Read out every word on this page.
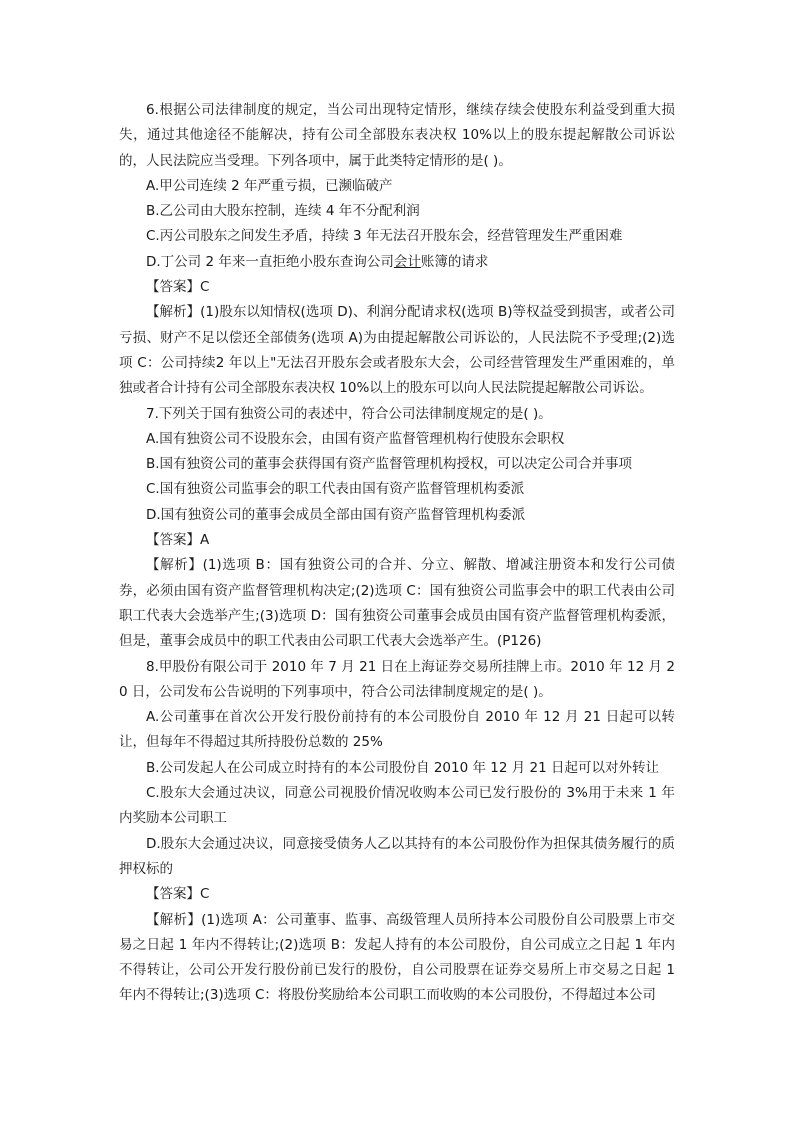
6.根据公司法律制度的规定，当公司出现特定情形，继续存续会使股东利益受到重大损失，通过其他途径不能解决，持有公司全部股东表决权 10%以上的股东提起解散公司诉讼的，人民法院应当受理。下列各项中，属于此类特定情形的是( )。

A.甲公司连续 2 年严重亏损，已濒临破产

B.乙公司由大股东控制，连续 4 年不分配利润

C.丙公司股东之间发生矛盾，持续 3 年无法召开股东会，经营管理发生严重困难

D.丁公司 2 年来一直拒绝小股东查询公司会计账簿的请求

【答案】C

【解析】(1)股东以知情权(选项 D)、利润分配请求权(选项 B)等权益受到损害，或者公司亏损、财产不足以偿还全部债务(选项 A)为由提起解散公司诉讼的，人民法院不予受理;(2)选项 C：公司持续2 年以上"无法召开股东会或者股东大会，公司经营管理发生严重困难的，单独或者合计持有公司全部股东表决权 10%以上的股东可以向人民法院提起解散公司诉讼。

7.下列关于国有独资公司的表述中，符合公司法律制度规定的是( )。

A.国有独资公司不设股东会，由国有资产监督管理机构行使股东会职权

B.国有独资公司的董事会获得国有资产监督管理机构授权，可以决定公司合并事项

C.国有独资公司监事会的职工代表由国有资产监督管理机构委派

D.国有独资公司的董事会成员全部由国有资产监督管理机构委派

【答案】A

【解析】(1)选项 B：国有独资公司的合并、分立、解散、增减注册资本和发行公司债券，必须由国有资产监督管理机构决定;(2)选项 C：国有独资公司监事会中的职工代表由公司职工代表大会选举产生;(3)选项 D：国有独资公司董事会成员由国有资产监督管理机构委派，但是，董事会成员中的职工代表由公司职工代表大会选举产生。(P126)

8.甲股份有限公司于 2010 年 7 月 21 日在上海证券交易所挂牌上市。2010 年 12 月 20 日，公司发布公告说明的下列事项中，符合公司法律制度规定的是( )。

A.公司董事在首次公开发行股份前持有的本公司股份自 2010 年 12 月 21 日起可以转让，但每年不得超过其所持股份总数的 25%

B.公司发起人在公司成立时持有的本公司股份自 2010 年 12 月 21 日起可以对外转让

C.股东大会通过决议，同意公司视股价情况收购本公司已发行股份的 3%用于未来 1 年内奖励本公司职工

D.股东大会通过决议，同意接受债务人乙以其持有的本公司股份作为担保其债务履行的质押权标的

【答案】C

【解析】(1)选项 A：公司董事、监事、高级管理人员所持本公司股份自公司股票上市交易之日起 1 年内不得转让;(2)选项 B：发起人持有的本公司股份，自公司成立之日起 1 年内不得转让，公司公开发行股份前已发行的股份，自公司股票在证券交易所上市交易之日起 1 年内不得转让;(3)选项 C：将股份奖励给本公司职工而收购的本公司股份，不得超过本公司
